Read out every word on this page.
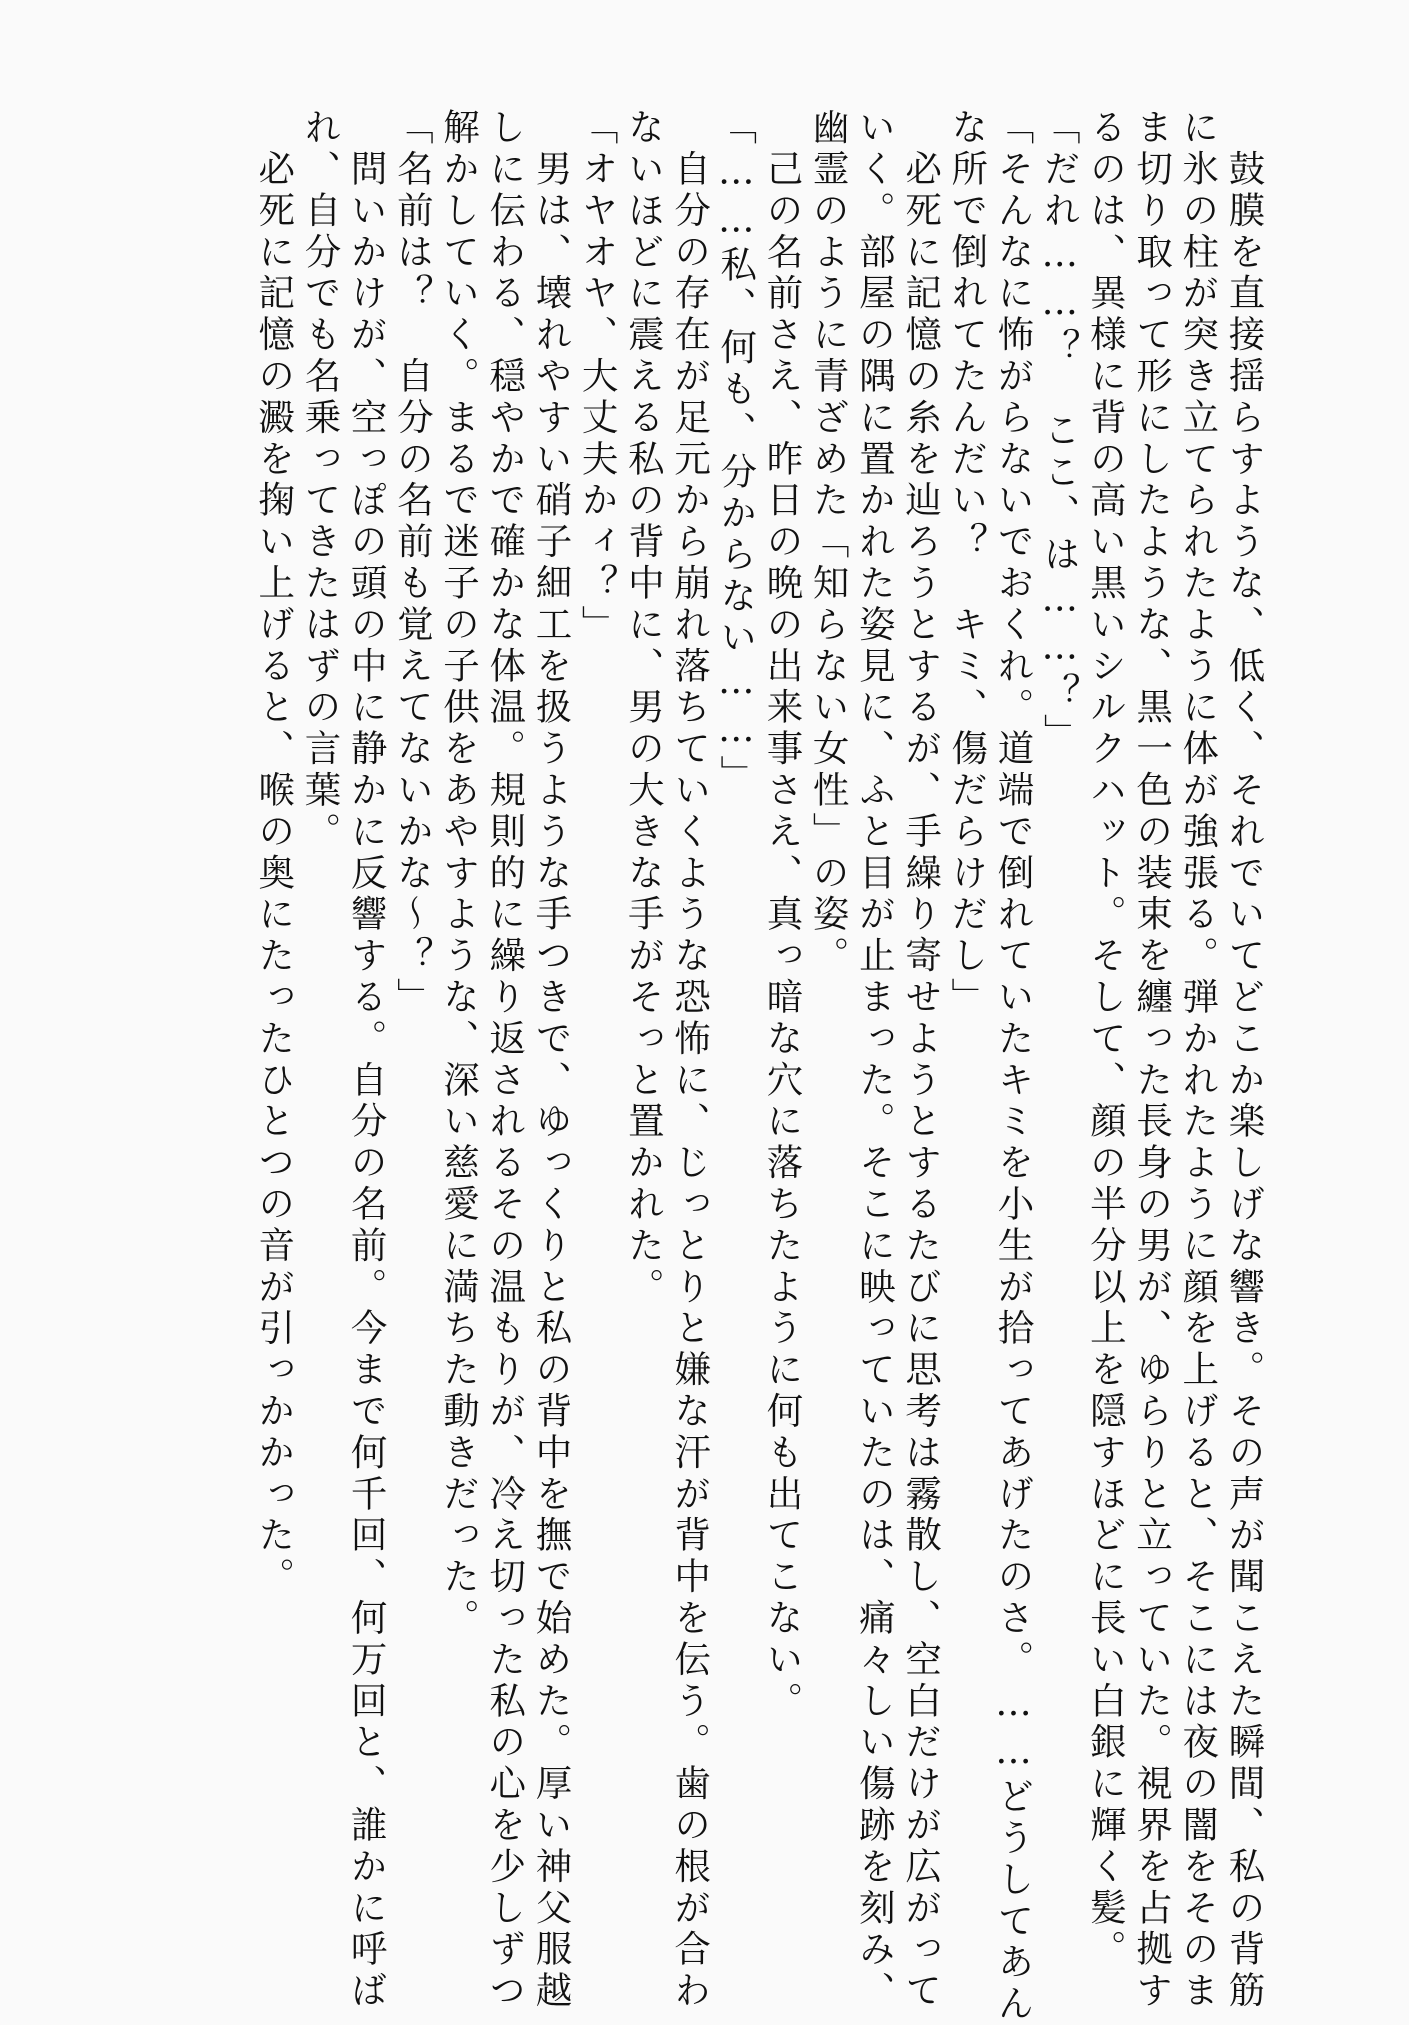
　鼓膜を直接揺らすような、低く、それでいてどこか楽しげな響き。その声が聞こえた瞬間、私の背筋

に氷の柱が突き立てられたように体が強張る。弾かれたように顔を上げると、そこには夜の闇をそのま

ま切り取って形にしたような、黒一色の装束を纏った長身の男が、ゆらりと立っていた。視界を占拠す

るのは、異様に背の高い黒いシルクハット。そして、顔の半分以上を隠すほどに長い白銀に輝く髪。

「だれ……？　ここ、は……？」

「そんなに怖がらないでおくれ。道端で倒れていたキミを小生が拾ってあげたのさ。……どうしてあん

な所で倒れてたんだい？　キミ、傷だらけだし」

　必死に記憶の糸を辿ろうとするが、手繰り寄せようとするたびに思考は霧散し、空白だけが広がって

いく。部屋の隅に置かれた姿見に、ふと目が止まった。そこに映っていたのは、痛々しい傷跡を刻み、

幽霊のように青ざめた「知らない女性」の姿。

　己の名前さえ、昨日の晩の出来事さえ、真っ暗な穴に落ちたように何も出てこない。

「……私、何も、分からない……」

　自分の存在が足元から崩れ落ちていくような恐怖に、じっとりと嫌な汗が背中を伝う。歯の根が合わ

ないほどに震える私の背中に、男の大きな手がそっと置かれた。

「オヤオヤ、大丈夫かィ？」

　男は、壊れやすい硝子細工を扱うような手つきで、ゆっくりと私の背中を撫で始めた。厚い神父服越

しに伝わる、穏やかで確かな体温。規則的に繰り返されるその温もりが、冷え切った私の心を少しずつ

解かしていく。まるで迷子の子供をあやすような、深い慈愛に満ちた動きだった。

「名前は？　自分の名前も覚えてないかな～？」

　問いかけが、空っぽの頭の中に静かに反響する。自分の名前。今まで何千回、何万回と、誰かに呼ば

れ、自分でも名乗ってきたはずの言葉。

　必死に記憶の澱を掬い上げると、喉の奥にたったひとつの音が引っかかった。
